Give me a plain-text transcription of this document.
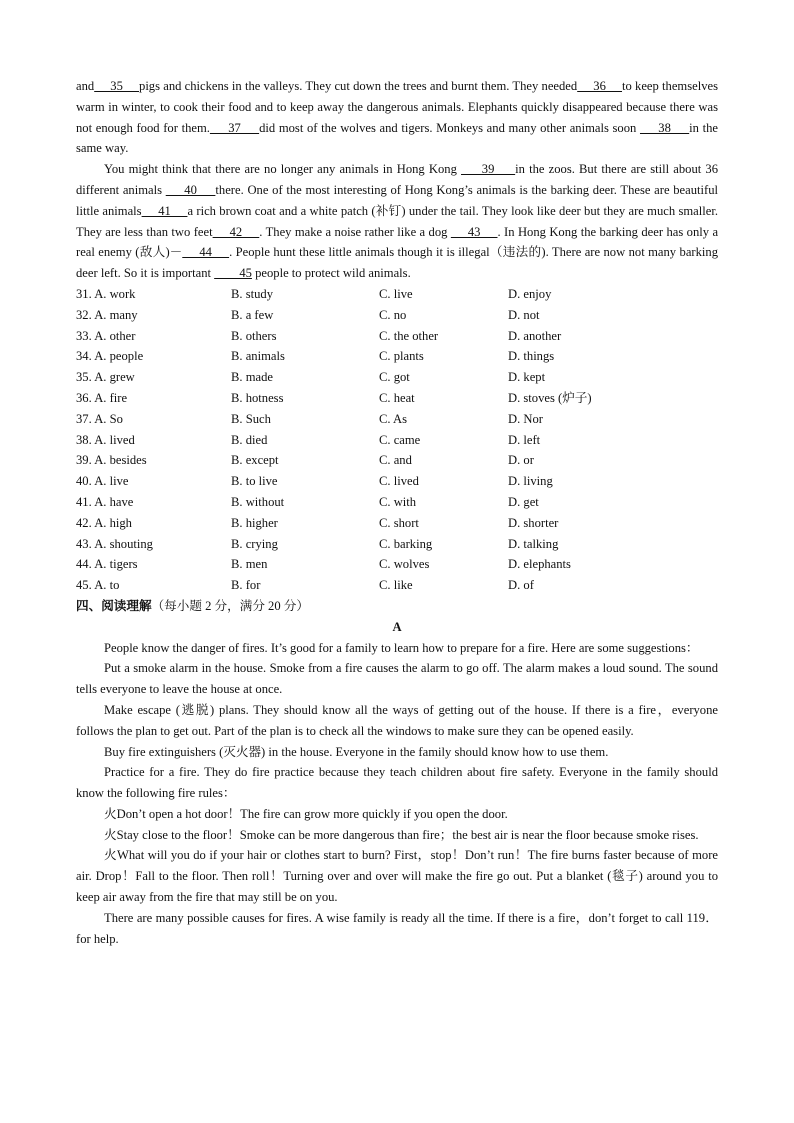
and     35     pigs and chickens in the valleys. They cut down the trees and burnt them. They needed     36     to keep themselves warm in winter, to cook their food and to keep away the dangerous animals. Elephants quickly disappeared because there was not enough food for them.     37     did most of the wolves and tigers. Monkeys and many other animals soon      38     in the same way.

You might think that there are no longer any animals in Hong Kong      39     in the zoos. But there are still about 36 different animals      40     there. One of the most interesting of Hong Kong’s animals is the barking deer. These are beautiful little animals     41     a rich brown coat and a white patch (补钉) under the tail. They look like deer but they are much smaller. They are less than two feet     42     . They make a noise rather like a dog      43     . In Hong Kong the barking deer has only a real enemy (敌人)－     44     . People hunt these little animals though it is illegal（违法的). There are now not many barking deer left. So it is important         45 people to protect wild animals.

31. A. work	B. study	C. live	D. enjoy
32. A. many	B. a few	C. no	D. not
33. A. other	B. others	C. the other	D. another
34. A. people	B. animals	C. plants	D. things
35. A. grew	B. made	C. got	D. kept
36. A. fire	B. hotness	C. heat	D. stoves (炉子)
37. A. So	B. Such	C. As	D. Nor
38. A. lived	B. died	C. came	D. left
39. A. besides	B. except	C. and	D. or
40. A. live	B. to live	C. lived	D. living
41. A. have	B. without	C. with	D. get
42. A. high	B. higher	C. short	D. shorter
43. A. shouting	B. crying	C. barking	D. talking
44. A. tigers	B. men	C. wolves	D. elephants
45. A. to	B. for	C. like	D. of
四、阅读理解（每小题 2 分，满分 20 分）
A

People know the danger of fires. It’s good for a family to learn how to prepare for a fire. Here are some suggestions：

Put a smoke alarm in the house. Smoke from a fire causes the alarm to go off. The alarm makes a loud sound. The sound tells everyone to leave the house at once.

Make escape (逃脱) plans. They should know all the ways of getting out of the house. If there is a fire，everyone follows the plan to get out. Part of the plan is to check all the windows to make sure they can be opened easily.

Buy fire extinguishers (灭火器) in the house. Everyone in the family should know how to use them.

Practice for a fire. They do fire practice because they teach children about fire safety. Everyone in the family should know the following fire rules：

火Don’t open a hot door！The fire can grow more quickly if you open the door.

火Stay close to the floor！Smoke can be more dangerous than fire；the best air is near the floor because smoke rises.

火What will you do if your hair or clothes start to burn? First，stop！Don’t run！The fire burns faster because of more air. Drop！Fall to the floor. Then roll！Turning over and over will make the fire go out. Put a blanket (毯子) around you to keep air away from the fire that may still be on you.

There are many possible causes for fires. A wise family is ready all the time. If there is a fire，don’t forget to call 119．for help.
